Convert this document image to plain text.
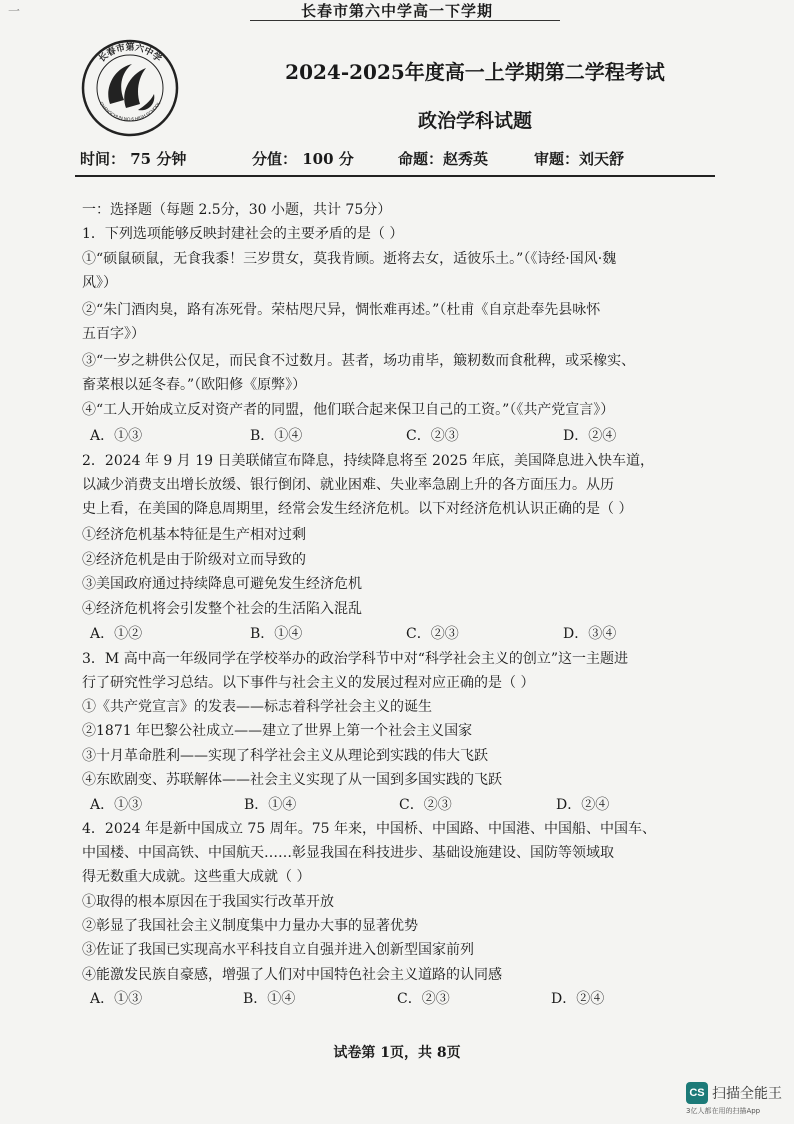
一	长春市第六中学高一下学期
长春市第六中学
CHANGCHUN NO.6 HIGH SCHOOL
2024-2025年度高一上学期第二学程考试
政治学科试题
时间： 75 分钟	分值： 100 分	命题：赵秀英	审题：刘天舒
一：选择题（每题 2.5分，30 小题，共计 75分）
1．下列选项能够反映封建社会的主要矛盾的是（ ）
①“硕鼠硕鼠，无食我黍！三岁贯女，莫我肯顾。逝将去女，适彼乐土。”（《诗经·国风·魏
风》）
②“朱门酒肉臭，路有冻死骨。荣枯咫尺异，惆怅难再述。”（杜甫《自京赴奉先县咏怀
五百字》）
③“一岁之耕供公仅足，而民食不过数月。甚者，场功甫毕，簸籾数而食秕稗，或采橡实、
畜菜根以延冬春。”（欧阳修《原弊》）
④“工人开始成立反对资产者的同盟，他们联合起来保卫自己的工资。”（《共产党宣言》）
A．①③	B．①④	C．②③	D．②④
2．2024 年 9 月 19 日美联储宣布降息，持续降息将至 2025 年底，美国降息进入快车道，
以减少消费支出增长放缓、银行倒闭、就业困难、失业率急剧上升的各方面压力。从历
史上看，在美国的降息周期里，经常会发生经济危机。以下对经济危机认识正确的是（ ）
①经济危机基本特征是生产相对过剩
②经济危机是由于阶级对立而导致的
③美国政府通过持续降息可避免发生经济危机
④经济危机将会引发整个社会的生活陷入混乱
A．①②	B．①④	C．②③	D．③④
3．M 高中高一年级同学在学校举办的政治学科节中对“科学社会主义的创立”这一主题进
行了研究性学习总结。以下事件与社会主义的发展过程对应正确的是（ ）
①《共产党宣言》的发表——标志着科学社会主义的诞生
②1871 年巴黎公社成立——建立了世界上第一个社会主义国家
③十月革命胜利——实现了科学社会主义从理论到实践的伟大飞跃
④东欧剧变、苏联解体——社会主义实现了从一国到多国实践的飞跃
A．①③	B．①④	C．②③	D．②④
4．2024 年是新中国成立 75 周年。75 年来，中国桥、中国路、中国港、中国船、中国车、
中国楼、中国高铁、中国航天……彰显我国在科技进步、基础设施建设、国防等领域取
得无数重大成就。这些重大成就（ ）
①取得的根本原因在于我国实行改革开放
②彰显了我国社会主义制度集中力量办大事的显著优势
③佐证了我国已实现高水平科技自立自强并进入创新型国家前列
④能激发民族自豪感，增强了人们对中国特色社会主义道路的认同感
A．①③	B．①④	C．②③	D．②④
试卷第 1页，共 8页
CS 扫描全能王
3亿人都在用的扫描App
